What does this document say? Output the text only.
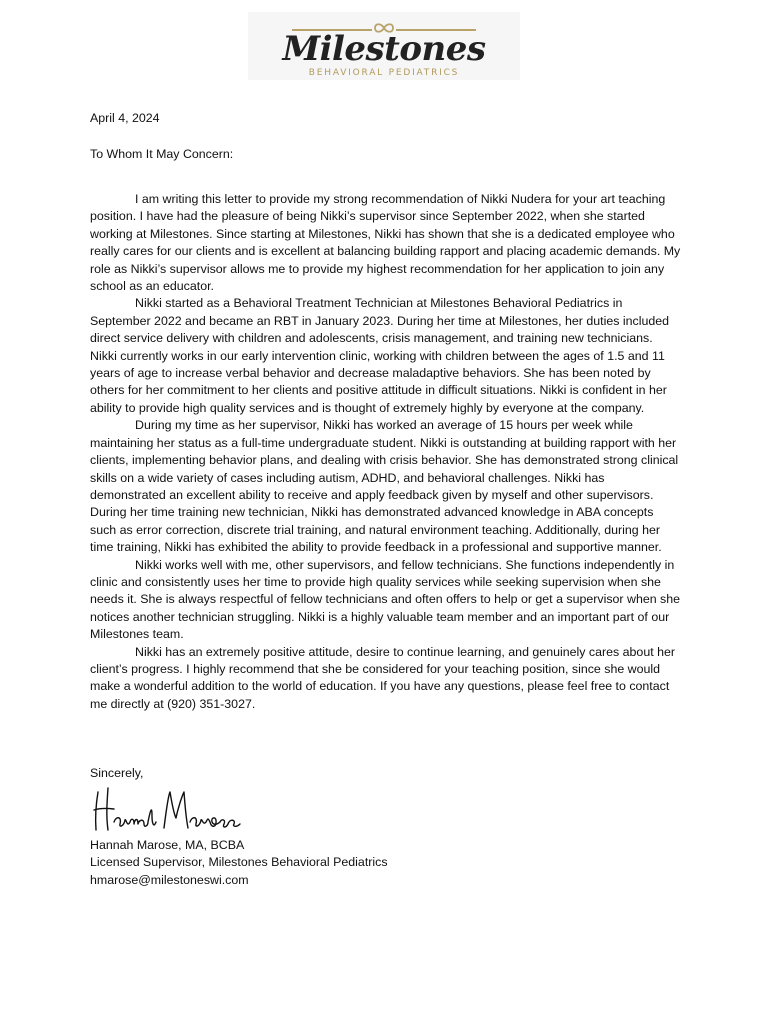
Milestones
BEHAVIORAL PEDIATRICS
April 4, 2024
To Whom It May Concern:

I am writing this letter to provide my strong recommendation of Nikki Nudera for your art teaching position. I have had the pleasure of being Nikki’s supervisor since September 2022, when she started working at Milestones. Since starting at Milestones, Nikki has shown that she is a dedicated employee who really cares for our clients and is excellent at balancing building rapport and placing academic demands. My role as Nikki’s supervisor allows me to provide my highest recommendation for her application to join any school as an educator.

Nikki started as a Behavioral Treatment Technician at Milestones Behavioral Pediatrics in September 2022 and became an RBT in January 2023. During her time at Milestones, her duties included direct service delivery with children and adolescents, crisis management, and training new technicians. Nikki currently works in our early intervention clinic, working with children between the ages of 1.5 and 11 years of age to increase verbal behavior and decrease maladaptive behaviors. She has been noted by others for her commitment to her clients and positive attitude in difficult situations. Nikki is confident in her ability to provide high quality services and is thought of extremely highly by everyone at the company.

During my time as her supervisor, Nikki has worked an average of 15 hours per week while maintaining her status as a full-time undergraduate student. Nikki is outstanding at building rapport with her clients, implementing behavior plans, and dealing with crisis behavior. She has demonstrated strong clinical skills on a wide variety of cases including autism, ADHD, and behavioral challenges. Nikki has demonstrated an excellent ability to receive and apply feedback given by myself and other supervisors. During her time training new technician, Nikki has demonstrated advanced knowledge in ABA concepts such as error correction, discrete trial training, and natural environment teaching. Additionally, during her time training, Nikki has exhibited the ability to provide feedback in a professional and supportive manner.

Nikki works well with me, other supervisors, and fellow technicians. She functions independently in clinic and consistently uses her time to provide high quality services while seeking supervision when she needs it. She is always respectful of fellow technicians and often offers to help or get a supervisor when she notices another technician struggling. Nikki is a highly valuable team member and an important part of our Milestones team.

Nikki has an extremely positive attitude, desire to continue learning, and genuinely cares about her client’s progress. I highly recommend that she be considered for your teaching position, since she would make a wonderful addition to the world of education. If you have any questions, please feel free to contact me directly at (920) 351-3027.

Sincerely,
Hannah Marose, MA, BCBA
Licensed Supervisor, Milestones Behavioral Pediatrics
hmarose@milestoneswi.com
